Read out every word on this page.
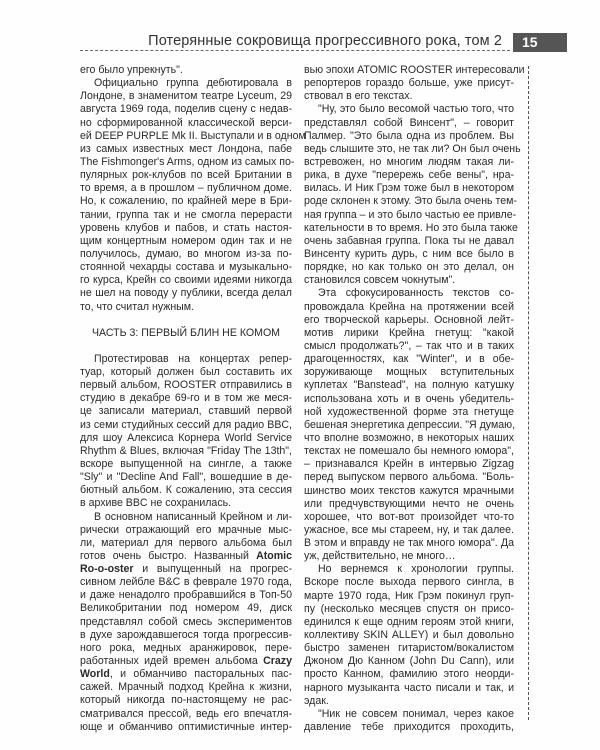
Потерянные сокровища прогрессивного рока, том 2	15
его было упрекнуть".
Официально группа дебютировала в
Лондоне, в знаменитом театре Lyceum, 29
августа 1969 года, поделив сцену с недав-
но сформированной классической верси-
ей DEEP PURPLE Mk II. Выступали и в одном
из самых известных мест Лондона, пабе
The Fishmonger's Arms, одном из самых по-
пулярных рок-клубов по всей Британии в
то время, а в прошлом – публичном доме.
Но, к сожалению, по крайней мере в Бри-
тании, группа так и не смогла перерасти
уровень клубов и пабов, и стать настоя-
щим концертным номером один так и не
получилось, думаю, во многом из-за по-
стоянной чехарды состава и музыкально-
го курса, Крейн со своими идеями никогда
не шел на поводу у публики, всегда делал
то, что считал нужным.
ЧАСТЬ 3: ПЕРВЫЙ БЛИН НЕ КОМОМ
Протестировав на концертах репер-
туар, который должен был составить их
первый альбом, ROOSTER отправились в
студию в декабре 69-го и в том же меся-
це записали материал, ставший первой
из семи студийных сессий для радио BBC,
для шоу Алексиса Корнера World Service
Rhythm & Blues, включая "Friday The 13th",
вскоре выпущенной на сингле, а также
"Sly" и "Decline And Fall", вошедшие в де-
бютный альбом. К сожалению, эта сессия
в архиве BBC не сохранилась.
В основном написанный Крейном и ли-
рически отражающий его мрачные мыс-
ли, материал для первого альбома был
готов очень быстро. Названный Atomic
Ro-o-oster и выпущенный на прогрес-
сивном лейбле B&C в феврале 1970 года,
и даже ненадолго пробравшийся в Топ-50
Великобритании под номером 49, диск
представлял собой смесь экспериментов
в духе зарождавшегося тогда прогрессив-
ного рока, медных аранжировок, пере-
работанных идей времен альбома Crazy
World, и обманчиво пасторальных пас-
сажей. Мрачный подход Крейна к жизни,
который никогда по-настоящему не рас-
сматривался прессой, ведь его впечатля-
юще и обманчиво оптимистичные интер-
вью эпохи ATOMIC ROOSTER интересовали
репортеров гораздо больше, уже присут-
ствовал в его текстах.
"Ну, это было весомой частью того, что
представлял собой Винсент", – говорит
Палмер. "Это была одна из проблем. Вы
ведь слышите это, не так ли? Он был очень
встревожен, но многим людям такая ли-
рика, в духе "перережь себе вены", нра-
вилась. И Ник Грэм тоже был в некотором
роде склонен к этому. Это была очень тем-
ная группа – и это было частью ее привле-
кательности в то время. Но это была также
очень забавная группа. Пока ты не давал
Винсенту курить дурь, с ним все было в
порядке, но как только он это делал, он
становился совсем чокнутым".
Эта сфокусированность текстов со-
провождала Крейна на протяжении всей
его творческой карьеры. Основной лейт-
мотив лирики Крейна гнетущ: "какой
смысл продолжать?", – так что и в таких
драгоценностях, как "Winter", и в обе-
зоруживающе мощных вступительных
куплетах "Banstead", на полную катушку
использована хоть и в очень убедитель-
ной художественной форме эта гнетуще
бешеная энергетика депрессии. "Я думаю,
что вполне возможно, в некоторых наших
текстах не помешало бы немного юмора",
– признавался Крейн в интервью Zigzag
перед выпуском первого альбома. "Боль-
шинство моих текстов кажутся мрачными
или предчувствующими нечто не очень
хорошее, что вот-вот произойдет что-то
ужасное, все мы стареем, ну, и так далее.
В этом и вправду не так много юмора". Да
уж, действительно, не много…
Но вернемся к хронологии группы.
Вскоре после выхода первого сингла, в
марте 1970 года, Ник Грэм покинул груп-
пу (несколько месяцев спустя он присо-
единился к еще одним героям этой книги,
коллективу SKIN ALLEY) и был довольно
быстро заменен гитаристом/вокалистом
Джоном Дю Канном (John Du Cann), или
просто Канном, фамилию этого неорди-
нарного музыканта часто писали и так, и
эдак.
"Ник не совсем понимал, через какое
давление тебе приходится проходить,
